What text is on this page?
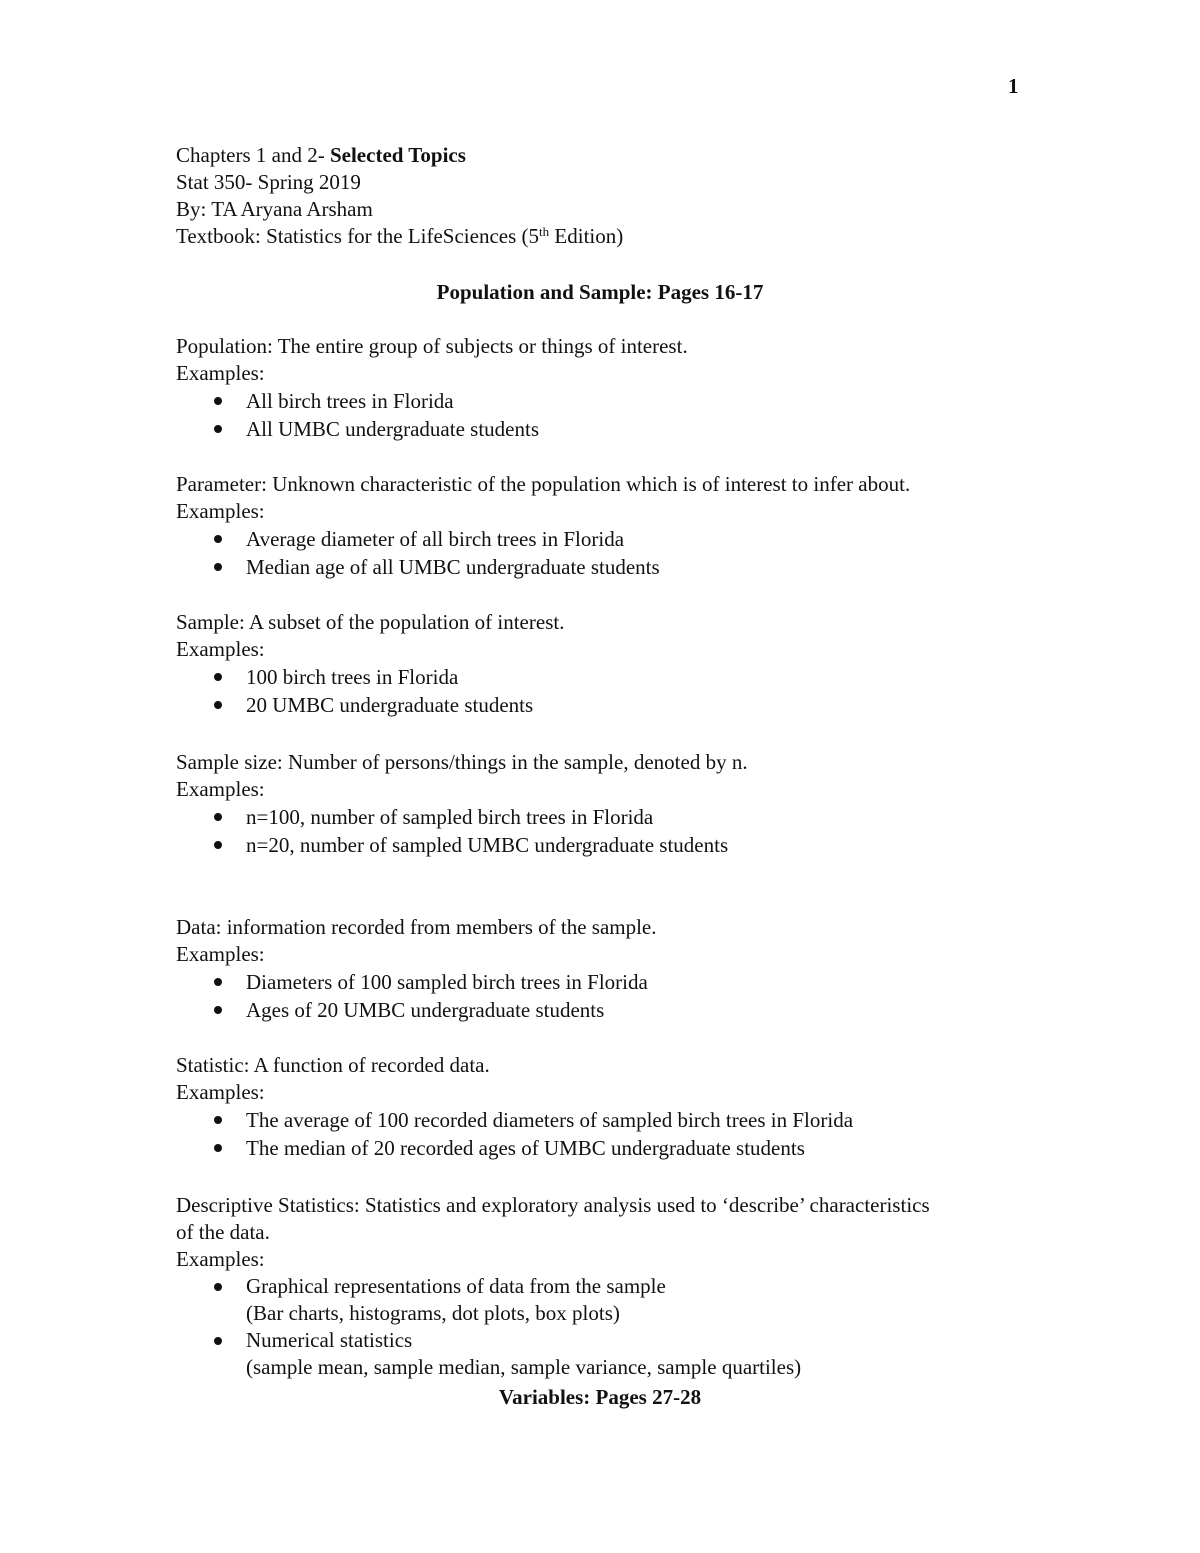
1
Chapters 1 and 2- Selected Topics
Stat 350- Spring 2019
By: TA Aryana Arsham
Textbook: Statistics for the LifeSciences (5th Edition)
Population and Sample: Pages 16-17
Population: The entire group of subjects or things of interest.
Examples:
All birch trees in Florida
All UMBC undergraduate students
Parameter: Unknown characteristic of the population which is of interest to infer about.
Examples:
Average diameter of all birch trees in Florida
Median age of all UMBC undergraduate students
Sample: A subset of the population of interest.
Examples:
100 birch trees in Florida
20 UMBC undergraduate students
Sample size: Number of persons/things in the sample, denoted by n.
Examples:
n=100, number of sampled birch trees in Florida
n=20, number of sampled UMBC undergraduate students
Data: information recorded from members of the sample.
Examples:
Diameters of 100 sampled birch trees in Florida
Ages of 20 UMBC undergraduate students
Statistic: A function of recorded data.
Examples:
The average of 100 recorded diameters of sampled birch trees in Florida
The median of 20 recorded ages of UMBC undergraduate students
Descriptive Statistics: Statistics and exploratory analysis used to ‘describe’ characteristics
of the data.
Examples:
Graphical representations of data from the sample
(Bar charts, histograms, dot plots, box plots)
Numerical statistics
(sample mean, sample median, sample variance, sample quartiles)
Variables: Pages 27-28
